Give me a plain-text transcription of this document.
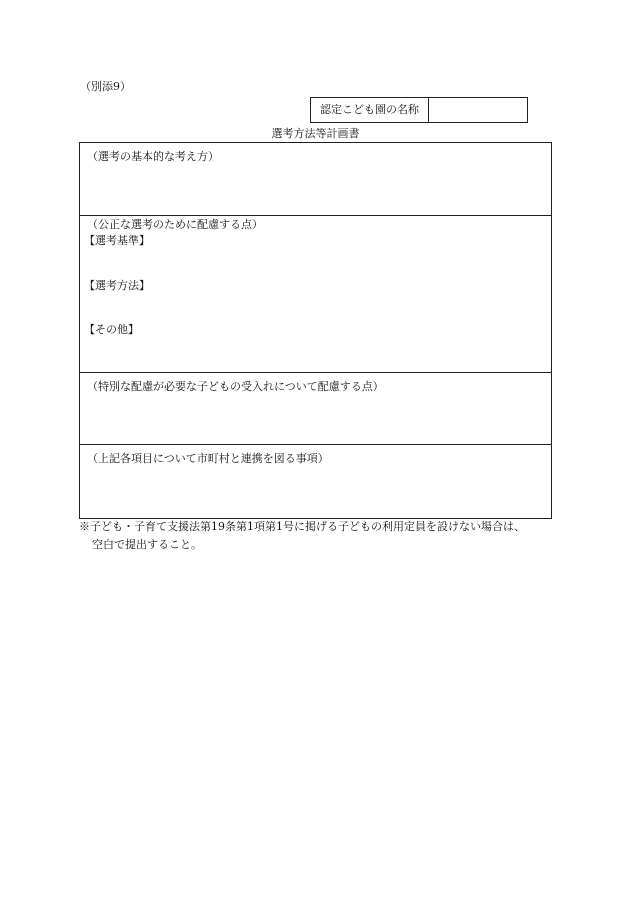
（別添9）
認定こども園の名称
選考方法等計画書
（選考の基本的な考え方）
（公正な選考のために配慮する点）
【選考基準】
【選考方法】
【その他】
（特別な配慮が必要な子どもの受入れについて配慮する点）
（上記各項目について市町村と連携を図る事項）
※子ども・子育て支援法第19条第1項第1号に掲げる子どもの利用定員を設けない場合は、
空白で提出すること。
